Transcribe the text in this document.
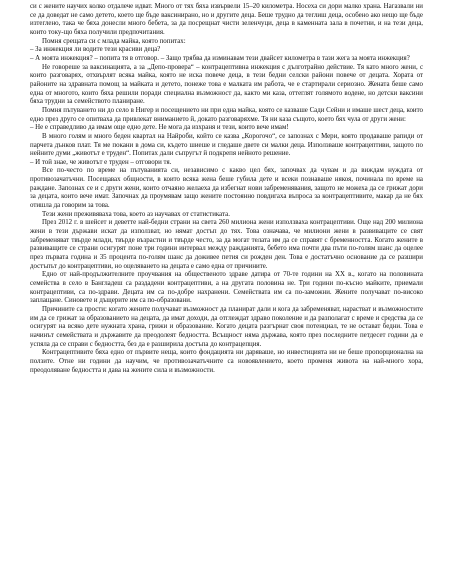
си с жените научих колко отдалече идват. Много от тях бяха извървели 15–20 километра. Носеха си дори малко храна. Нагазвали ни се да доведат не само детето, което ще бъде ваксинирано, но и другите деца. Беше трудно да теглиш деца, особено ако нещо ще бъде изтеглено, така че бяха донесли много бебета, за да посрещнат чисти зеленчуци, деца в каменната зала в почетни, и на тези деца, които току-що бяха получили предпочитания.

Помня срещата си с млада майка, която попитах:

– За инжекция ли водите тези красиви деца?

– А моята инжекция? – попита тя в отговор. – Защо трябва да изминавам тези двайсет километра в тази жега за моята инжекция?

Не говореше за ваксинацията, а за „Депо-провера“ – контрацептивна инжекция с дълготрайно действие. Тя като много жени, с които разговарях, отхвърлят всяка майка, която не иска повече деца, в тези бедни селски райони повече от децата. Хората от районите на здравната помощ за майката и детето, понеже това е малката им работа, че е стартирали сериозно. Жената беше само една от многото, които бяха решили поради специална възможност да, както ми каза, оттеглят голямото водене, но детски ваксини бяха трудни за семейството планиране.

Помня пътуването ни до село в Нигер и посещението ни при една майка, която се казваше Сади Сейни и имаше шест деца, които едно през друго се опитваха да привлекат вниманието й, докато разговаряхме. Тя ни каза същото, което бях чула от други жени:

– Не е справедливо да имам още едно дете. Не мога да изхраня и тези, които вече имам!

В много голям и много беден квартал на Найроби, който се казва „Корогочо“, се запознах с Мери, която продаваше рапиди от парчета дънков плат. Тя ме покани в дома си, където шиеше и гледаше двете си малки деца. Използваше контрацептиви, защото по нейните думи „животът е труден“. Попитах дали съпругът й подкрепя нейното решение.

– И той знае, че животът е труден – отговори тя.

Все по-често по време на пътуванията си, независимо с какво цел бях, започвах да чувам и да виждам нуждата от противозачатъчни. Посещавах общности, в които всяка жена беше губила дете и всеки познаваше някоя, починала по време на раждане. Запознах се и с други жени, които отчаяно желаеха да избегнат нови забременявания, защото не можеха да се грижат дори за децата, които вече имат. Започнах да проумявам защо жените постоянно повдигаха въпроса за контрацептивите, макар да не бях отишла да говорим за това.

Тези жени преживяваха това, което аз научавах от статистиката.

През 2012 г. в шейсет и деветте най-бедни страни на света 260 милиона жени използваха контрацептиви. Още над 200 милиона жени в тези държави искат да използват, но нямат достъп до тях. Това означава, че милиони жени в развиващите се свят забременяват твърде млади, твърде възрастни и твърде често, за да могат телата им да се справят с бременността. Когато жените в развиващите се страни осигурят поне три години интервал между ражданията, бебето има почти два пъти по-голям шанс да оцелее през първата година и 35 процента по-голям шанс да доживее петия си рожден ден. Това е достатъчно основание да се разшири достъпът до контрацептиви, но оцеляването на децата е само една от причините.

Едно от най-продължителните проучвания на общественото здраве датира от 70-те години на XX в., когато на половината семейства в село в Бангладеш са раздадени контрацептиви, а на другата половина не. Три години по-късно майките, приемали контрацептиви, са по-здрави. Децата им са по-добре нахранени. Семействата им са по-заможни. Жените получават по-високо заплащане. Синовете и дъщерите им са по-образовани.

Причините са прости: когато жените получават възможност да планират дали и кога да забременяват, нарастват и възможностите им да се грижат за образованието на децата, да имат доходи, да отглеждат здраво поколение и да разполагат с време и средства да се осигурят на всяко дете нужната храна, грижи и образование. Когато децата разгърнат своя потенциал, те не остават бедни. Това е начинът семействата и държавите да преодолеят бедността. Всъщност няма държава, която през последните петдесет години да е успяла да се справи с бедността, без да е разширила достъпа до контрацепция.

Контрацептивите бяха едно от първите неща, които фондацията ни даряваше, но инвестицията ни не беше пропорционална на ползите. Отне ни години да научим, че противозачатъчните са новоявлението, което променя живота на най-много хора, преодоляване бедността и дава на жените сила и възможности.
